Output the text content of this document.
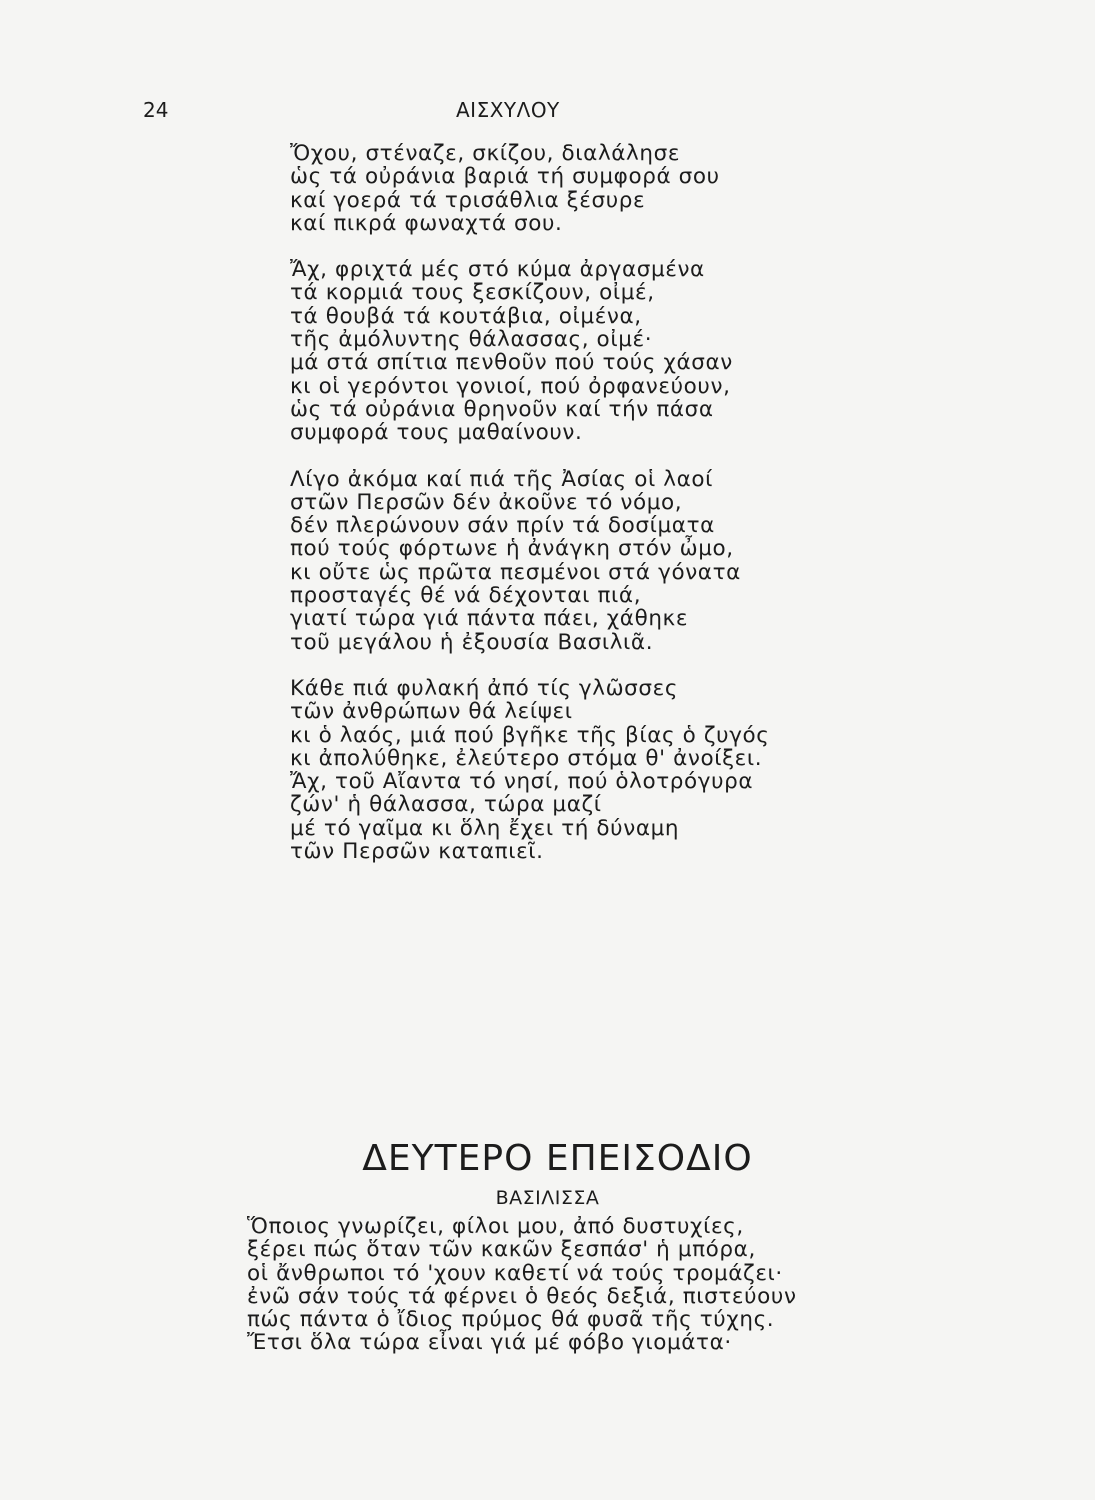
24	ΑΙΣΧΥΛΟΥ
Ὄχου, στέναζε, σκίζου, διαλάλησε
ὡς τά οὐράνια βαριά τή συμφορά σου
καί γοερά τά τρισάθλια ξέσυρε
καί πικρά φωναχτά σου.
Ἄχ, φριχτά μές στό κύμα ἀργασμένα
τά κορμιά τους ξεσκίζουν, οἰμέ,
τά θουβά τά κουτάβια, οἰμένα,
τῆς ἀμόλυντης θάλασσας, οἰμέ·
μά στά σπίτια πενθοῦν πού τούς χάσαν
κι οἱ γερόντοι γονιοί, πού ὀρφανεύουν,
ὡς τά οὐράνια θρηνοῦν καί τήν πάσα
συμφορά τους μαθαίνουν.
Λίγο ἀκόμα καί πιά τῆς Ἀσίας οἱ λαοί
στῶν Περσῶν δέν ἀκοῦνε τό νόμο,
δέν πλερώνουν σάν πρίν τά δοσίματα
πού τούς φόρτωνε ἡ ἀνάγκη στόν ὦμο,
κι οὔτε ὡς πρῶτα πεσμένοι στά γόνατα
προσταγές θέ νά δέχονται πιά,
γιατί τώρα γιά πάντα πάει, χάθηκε
τοῦ μεγάλου ἡ ἐξουσία Βασιλιᾶ.
Κάθε πιά φυλακή ἀπό τίς γλῶσσες
τῶν ἀνθρώπων θά λείψει
κι ὁ λαός, μιά πού βγῆκε τῆς βίας ὁ ζυγός
κι ἀπολύθηκε, ἐλεύτερο στόμα θ' ἀνοίξει.
Ἄχ, τοῦ Αἴαντα τό νησί, πού ὁλοτρόγυρα
ζών' ἡ θάλασσα, τώρα μαζί
μέ τό γαῖμα κι ὅλη ἔχει τή δύναμη
τῶν Περσῶν καταπιεῖ.
ΔΕΥΤΕΡΟ ΕΠΕΙΣΟΔΙΟ
ΒΑΣΙΛΙΣΣΑ
Ὅποιος γνωρίζει, φίλοι μου, ἀπό δυστυχίες,
ξέρει πώς ὅταν τῶν κακῶν ξεσπάσ' ἡ μπόρα,
οἱ ἄνθρωποι τό 'χουν καθετί νά τούς τρομάζει·
ἐνῶ σάν τούς τά φέρνει ὁ θεός δεξιά, πιστεύουν
πώς πάντα ὁ ἴδιος πρύμος θά φυσᾶ τῆς τύχης.
Ἔτσι ὅλα τώρα εἶναι γιά μέ φόβο γιομάτα·
